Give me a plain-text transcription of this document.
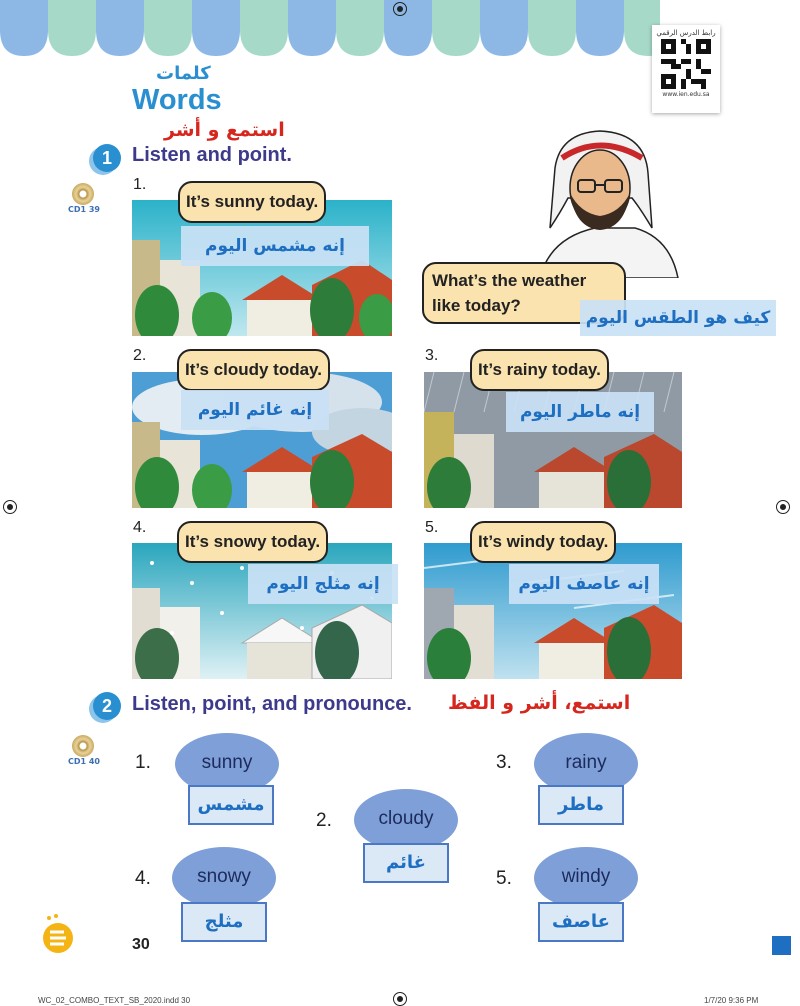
رابط الدرس الرقمي
www.ien.edu.sa
كلمات
Words
استمع و أشر
1	Listen and point.
CD1 39
1.
It’s sunny today.
إنه مشمس اليوم
What’s the weather
like today?
كيف هو الطقس اليوم
2.
It’s cloudy today.
إنه غائم اليوم
3.
It’s rainy today.
إنه ماطر اليوم
4.
It’s snowy today.
إنه مثلج اليوم
5.
It’s windy today.
إنه عاصف اليوم
2	Listen, point, and pronounce. استمع، أشر و الفظ
CD1 40 1.	sunny
مشمس
2.	cloudy
غائم
3.	rainy
ماطر
4.	snowy
مثلج
5.	windy
عاصف
30
WC_02_COMBO_TEXT_SB_2020.indd 30	1/7/20 9:36 PM
